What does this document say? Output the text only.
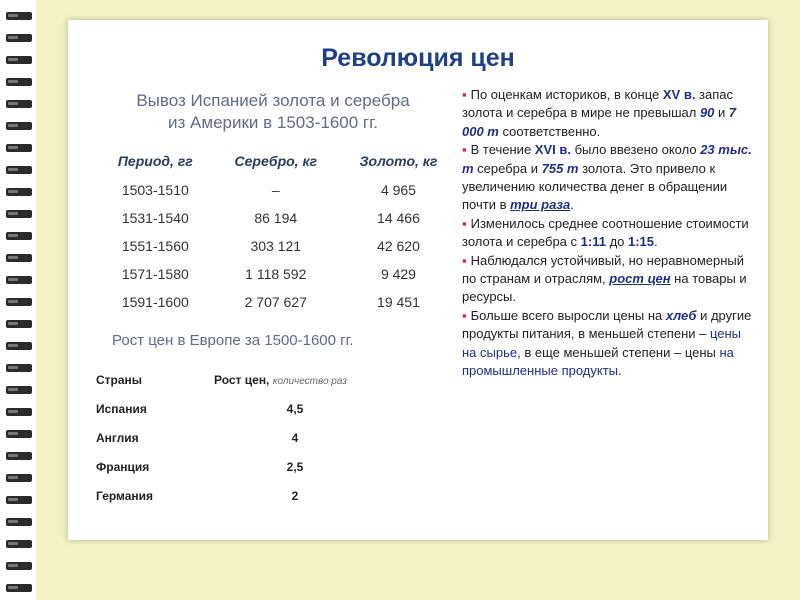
Революция цен
Вывоз Испанией золота и серебра
из Америки в 1503-1600 гг.
Период, гг	Серебро, кг	Золото, кг
1503-1510	–	4 965
1531-1540	86 194	14 466
1551-1560	303 121	42 620
1571-1580	1 118 592	9 429
1591-1600	2 707 627	19 451
Рост цен в Европе за 1500-1600 гг.
Страны	Рост цен, количество раз
Испания	4,5
Англия	4
Франция	2,5
Германия	2

▪ По оценкам историков, в конце XV в. запас золота и серебра в мире не превышал 90 и 7 000 т соответственно.

▪ В течение XVI в. было ввезено около 23 тыс. т серебра и 755 т золота. Это привело к увеличению количества денег в обращении почти в три раза.

▪ Изменилось среднее соотношение стоимости золота и серебра с 1:11 до 1:15.

▪ Наблюдался устойчивый, но неравномерный по странам и отраслям, рост цен на товары и ресурсы.

▪ Больше всего выросли цены на хлеб и другие продукты питания, в меньшей степени – цены на сырье, в еще меньшей степени – цены на промышленные продукты.
